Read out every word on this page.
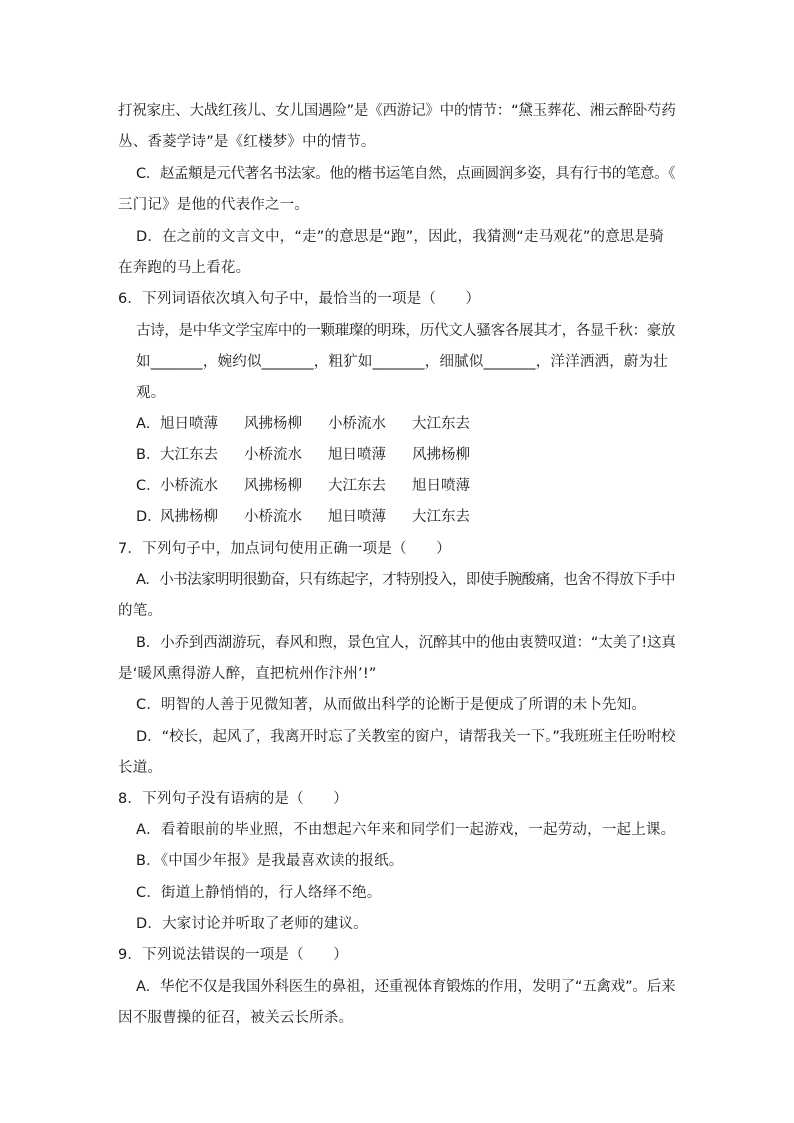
打祝家庄、大战红孩儿、女儿国遇险”是《西游记》中的情节：“黛玉葬花、湘云醉卧芍药
丛、香菱学诗”是《红楼梦》中的情节。
C．赵孟頫是元代著名书法家。他的楷书运笔自然，点画圆润多姿，具有行书的笔意。《
三门记》是他的代表作之一。
D．在之前的文言文中，“走”的意思是“跑”，因此，我猜测“走马观花”的意思是骑
在奔跑的马上看花。
6．下列词语依次填入句子中，最恰当的一项是（　　）
古诗，是中华文学宝库中的一颗璀璨的明珠，历代文人骚客各展其才，各显千秋：豪放
如_______，婉约似_______，粗犷如_______，细腻似_______，洋洋洒洒，蔚为壮
观。
A．旭日喷薄 风拂杨柳 小桥流水 大江东去
B．大江东去 小桥流水 旭日喷薄 风拂杨柳
C．小桥流水 风拂杨柳 大江东去 旭日喷薄
D．风拂杨柳 小桥流水 旭日喷薄 大江东去
7．下列句子中，加点词句使用正确一项是（　　）
A．小书法家明明很勤奋，只有练起字，才特别投入，即使手腕酸痛，也舍不得放下手中
的笔。
B．小乔到西湖游玩，春风和煦，景色宜人，沉醉其中的他由衷赞叹道：“太美了!这真
是‘暖风熏得游人醉，直把杭州作汴州’!”
C．明智的人善于见微知著，从而做出科学的论断于是便成了所谓的未卜先知。
D．“校长，起风了，我离开时忘了关教室的窗户，请帮我关一下。”我班班主任吩咐校
长道。
8．下列句子没有语病的是（　　）
A．看着眼前的毕业照，不由想起六年来和同学们一起游戏，一起劳动，一起上课。
B．《中国少年报》是我最喜欢读的报纸。
C．街道上静悄悄的，行人络绎不绝。
D．大家讨论并听取了老师的建议。
9．下列说法错误的一项是（　　）
A．华佗不仅是我国外科医生的鼻祖，还重视体育锻炼的作用，发明了“五禽戏”。后来
因不服曹操的征召，被关云长所杀。
